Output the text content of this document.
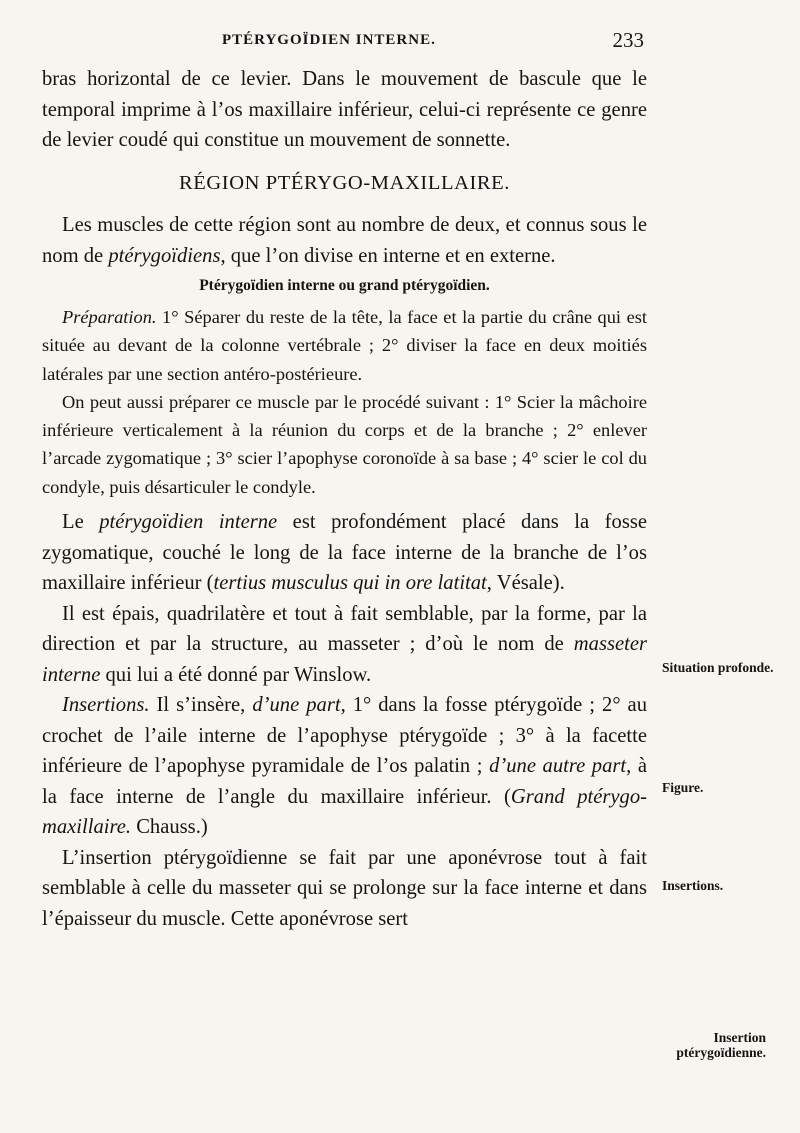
PTÉRYGOÏDIEN INTERNE.	233

bras horizontal de ce levier. Dans le mouvement de bascule que le temporal imprime à l’os maxillaire inférieur, celui-ci représente ce genre de levier coudé qui constitue un mouvement de sonnette.

RÉGION PTÉRYGO-MAXILLAIRE.

Les muscles de cette région sont au nombre de deux, et connus sous le nom de ptérygoïdiens, que l’on divise en interne et en externe.

Ptérygoïdien interne ou grand ptérygoïdien.

Préparation. 1° Séparer du reste de la tête, la face et la partie du crâne qui est située au devant de la colonne vertébrale ; 2° diviser la face en deux moitiés latérales par une section antéro-postérieure.

On peut aussi préparer ce muscle par le procédé suivant : 1° Scier la mâchoire inférieure verticalement à la réunion du corps et de la branche ; 2° enlever l’arcade zygomatique ; 3° scier l’apophyse coronoïde à sa base ; 4° scier le col du condyle, puis désarticuler le condyle.

Le ptérygoïdien interne est profondément placé dans la fosse zygomatique, couché le long de la face interne de la branche de l’os maxillaire inférieur (tertius musculus qui in ore latitat, Vésale).

Il est épais, quadrilatère et tout à fait semblable, par la forme, par la direction et par la structure, au masseter ; d’où le nom de masseter interne qui lui a été donné par Winslow.

Insertions. Il s’insère, d’une part, 1° dans la fosse ptérygoïde ; 2° au crochet de l’aile interne de l’apophyse ptérygoïde ; 3° à la facette inférieure de l’apophyse pyramidale de l’os palatin ; d’une autre part, à la face interne de l’angle du maxillaire inférieur. (Grand ptérygo-maxillaire. Chauss.)

L’insertion ptérygoïdienne se fait par une aponévrose tout à fait semblable à celle du masseter qui se prolonge sur la face interne et dans l’épaisseur du muscle. Cette aponévrose sert

Situation profonde.
Figure.
Insertions.
Insertion ptérygoïdienne.
